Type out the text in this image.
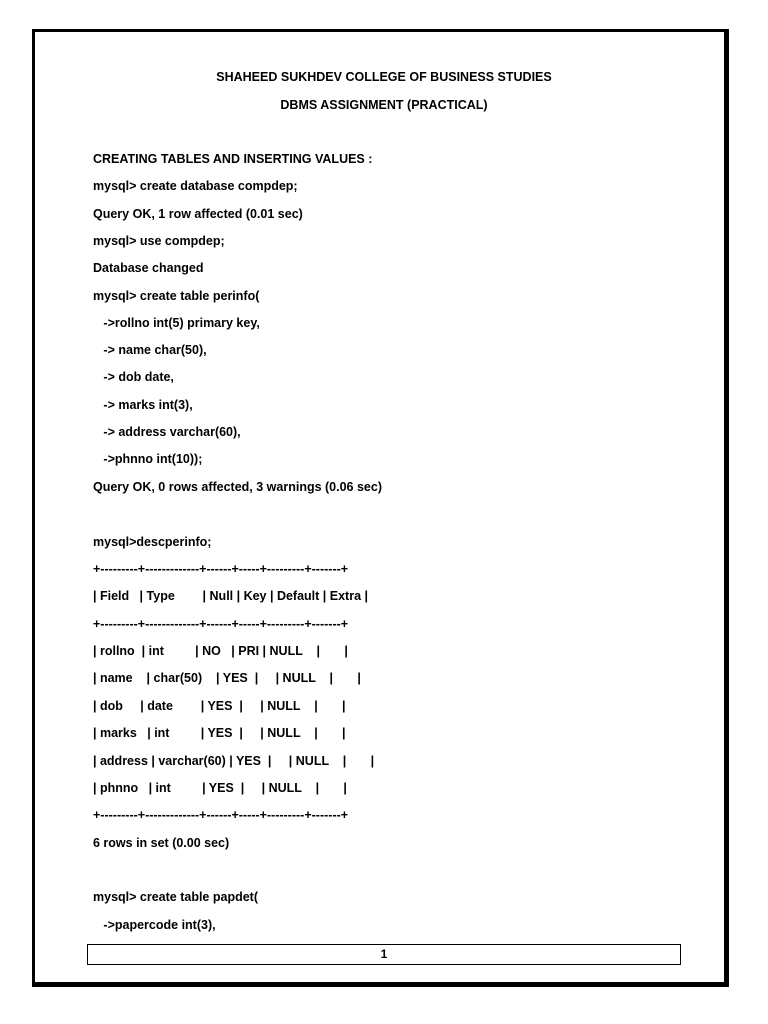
SHAHEED SUKHDEV COLLEGE OF BUSINESS STUDIES
DBMS ASSIGNMENT (PRACTICAL)
CREATING TABLES AND INSERTING VALUES :
mysql> create database compdep;
Query OK, 1 row affected (0.01 sec)
mysql> use compdep;
Database changed
mysql> create table perinfo(
->rollno int(5) primary key,
-> name char(50),
-> dob date,
-> marks int(3),
-> address varchar(60),
->phnno int(10));
Query OK, 0 rows affected, 3 warnings (0.06 sec)
mysql>descperinfo;
+---------+-------------+------+-----+---------+-------+
| Field   | Type        | Null | Key | Default | Extra |
+---------+-------------+------+-----+---------+-------+
| rollno  | int         | NO   | PRI | NULL    |       |
| name    | char(50)    | YES  |     | NULL    |       |
| dob     | date        | YES  |     | NULL    |       |
| marks   | int         | YES  |     | NULL    |       |
| address | varchar(60) | YES  |     | NULL    |       |
| phnno   | int         | YES  |     | NULL    |       |
+---------+-------------+------+-----+---------+-------+
6 rows in set (0.00 sec)
mysql> create table papdet(
->papercode int(3),
1
